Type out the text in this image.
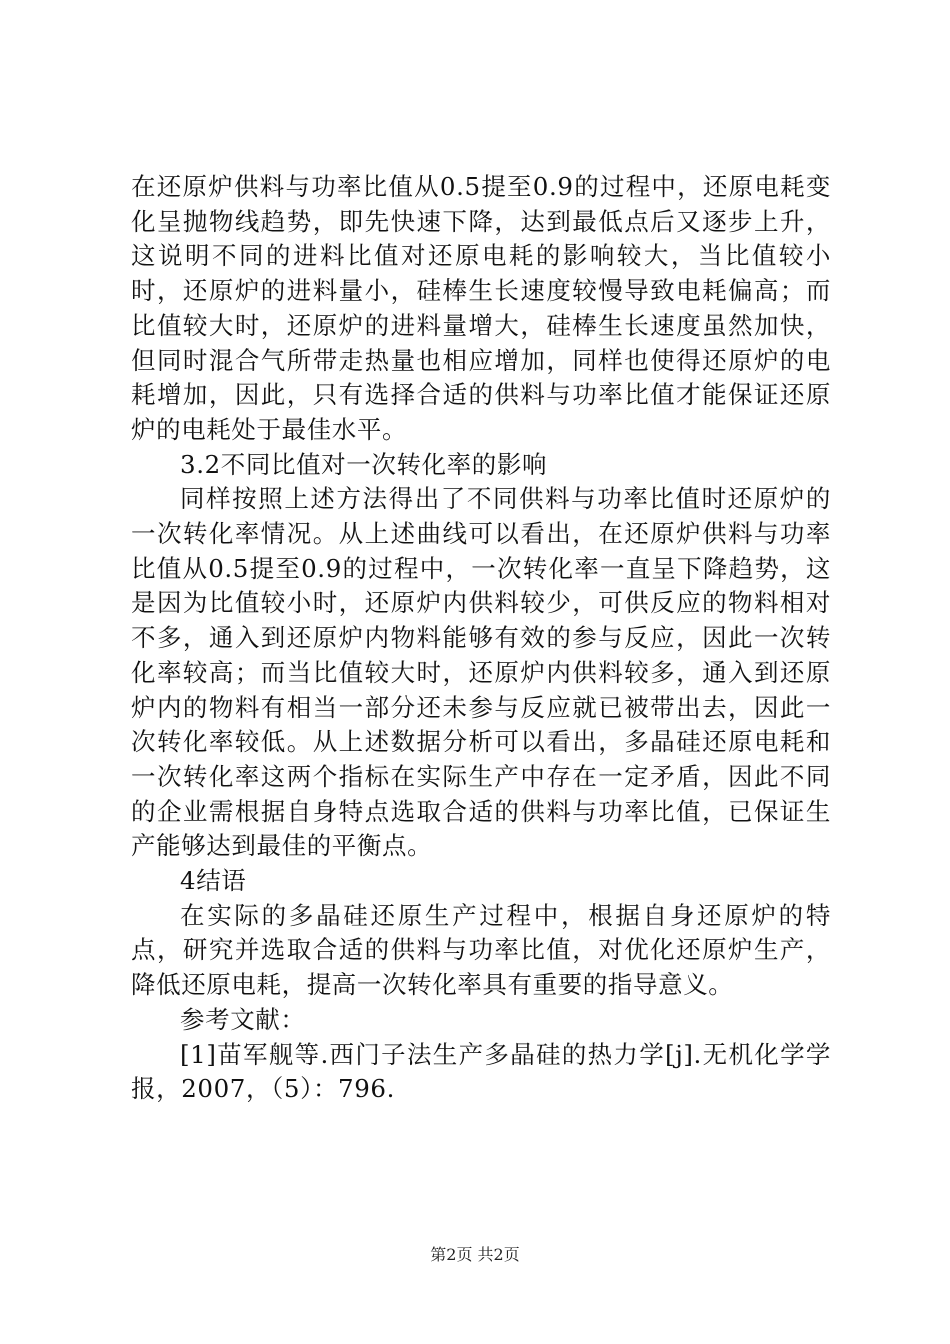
在还原炉供料与功率比值从0.5提至0.9的过程中，还原电耗变化呈抛物线趋势，即先快速下降，达到最低点后又逐步上升，这说明不同的进料比值对还原电耗的影响较大，当比值较小时，还原炉的进料量小，硅棒生长速度较慢导致电耗偏高；而比值较大时，还原炉的进料量增大，硅棒生长速度虽然加快，但同时混合气所带走热量也相应增加，同样也使得还原炉的电耗增加，因此，只有选择合适的供料与功率比值才能保证还原炉的电耗处于最佳水平。

3.2不同比值对一次转化率的影响

同样按照上述方法得出了不同供料与功率比值时还原炉的一次转化率情况。从上述曲线可以看出，在还原炉供料与功率比值从0.5提至0.9的过程中，一次转化率一直呈下降趋势，这是因为比值较小时，还原炉内供料较少，可供反应的物料相对不多，通入到还原炉内物料能够有效的参与反应，因此一次转化率较高；而当比值较大时，还原炉内供料较多，通入到还原炉内的物料有相当一部分还未参与反应就已被带出去，因此一次转化率较低。从上述数据分析可以看出，多晶硅还原电耗和一次转化率这两个指标在实际生产中存在一定矛盾，因此不同的企业需根据自身特点选取合适的供料与功率比值，已保证生产能够达到最佳的平衡点。

4结语

在实际的多晶硅还原生产过程中，根据自身还原炉的特点，研究并选取合适的供料与功率比值，对优化还原炉生产，降低还原电耗，提高一次转化率具有重要的指导意义。

参考文献：

[1]苗军舰等.西门子法生产多晶硅的热力学[j].无机化学学报，2007，（5）：796.

第2页 共2页
